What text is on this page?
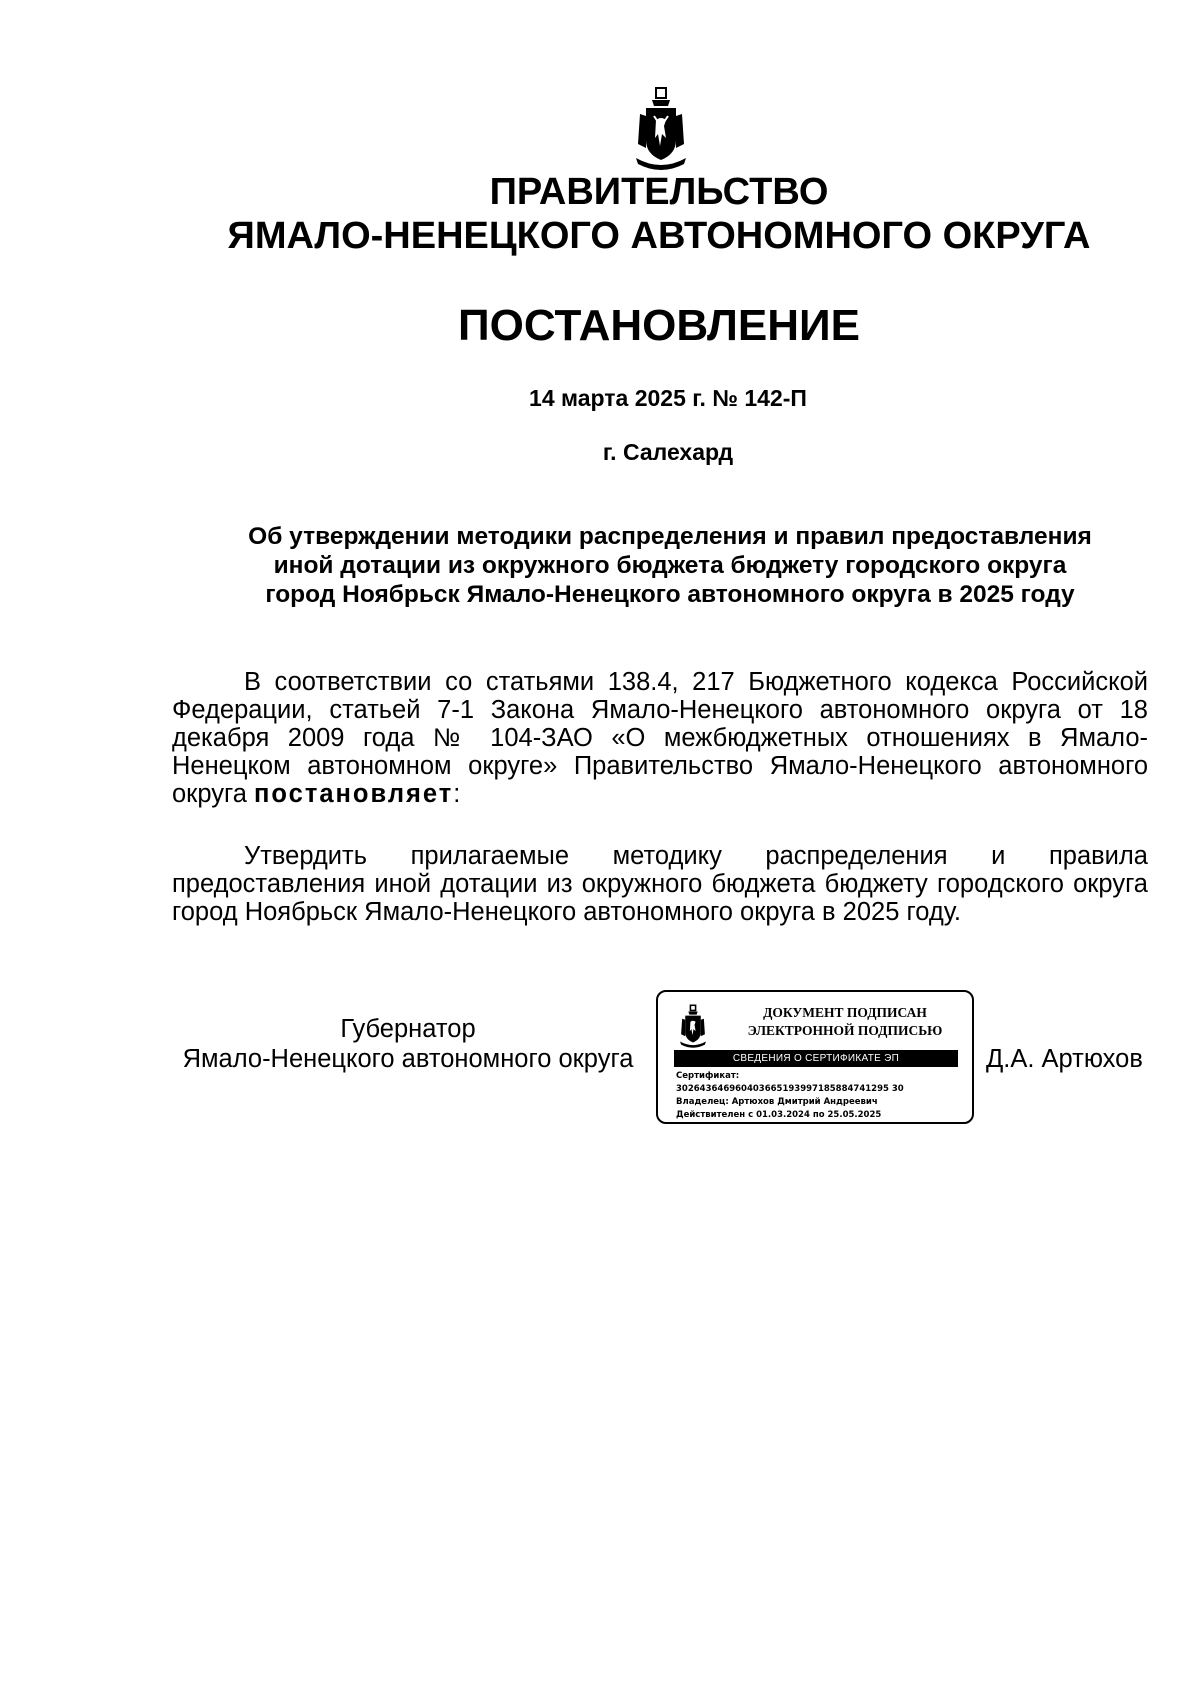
ПРАВИТЕЛЬСТВО
ЯМАЛО-НЕНЕЦКОГО АВТОНОМНОГО ОКРУГА
ПОСТАНОВЛЕНИЕ
14 марта 2025 г. № 142-П
г. Салехард
Об утверждении методики распределения и правил предоставления
иной дотации из окружного бюджета бюджету городского округа
город Ноябрьск Ямало-Ненецкого автономного округа в 2025 году
В соответствии со статьями 138.4, 217 Бюджетного кодекса Российской Федерации, статьей 7-1 Закона Ямало-Ненецкого автономного округа от 18 декабря 2009 года № 104-ЗАО «О межбюджетных отношениях в Ямало-Ненецком автономном округе» Правительство Ямало-Ненецкого автономного округа постановляет:
Утвердить прилагаемые методику распределения и правила предоставления иной дотации из окружного бюджета бюджету городского округа город Ноябрьск Ямало-Ненецкого автономного округа в 2025 году.
Губернатор
Ямало-Ненецкого автономного округа
ДОКУМЕНТ ПОДПИСАН
ЭЛЕКТРОННОЙ ПОДПИСЬЮ
СВЕДЕНИЯ О СЕРТИФИКАТЕ ЭП
Сертификат:
302643646960403665193997185884741295 30
Владелец: Артюхов Дмитрий Андреевич
Действителен с 01.03.2024 по 25.05.2025
Д.А. Артюхов
